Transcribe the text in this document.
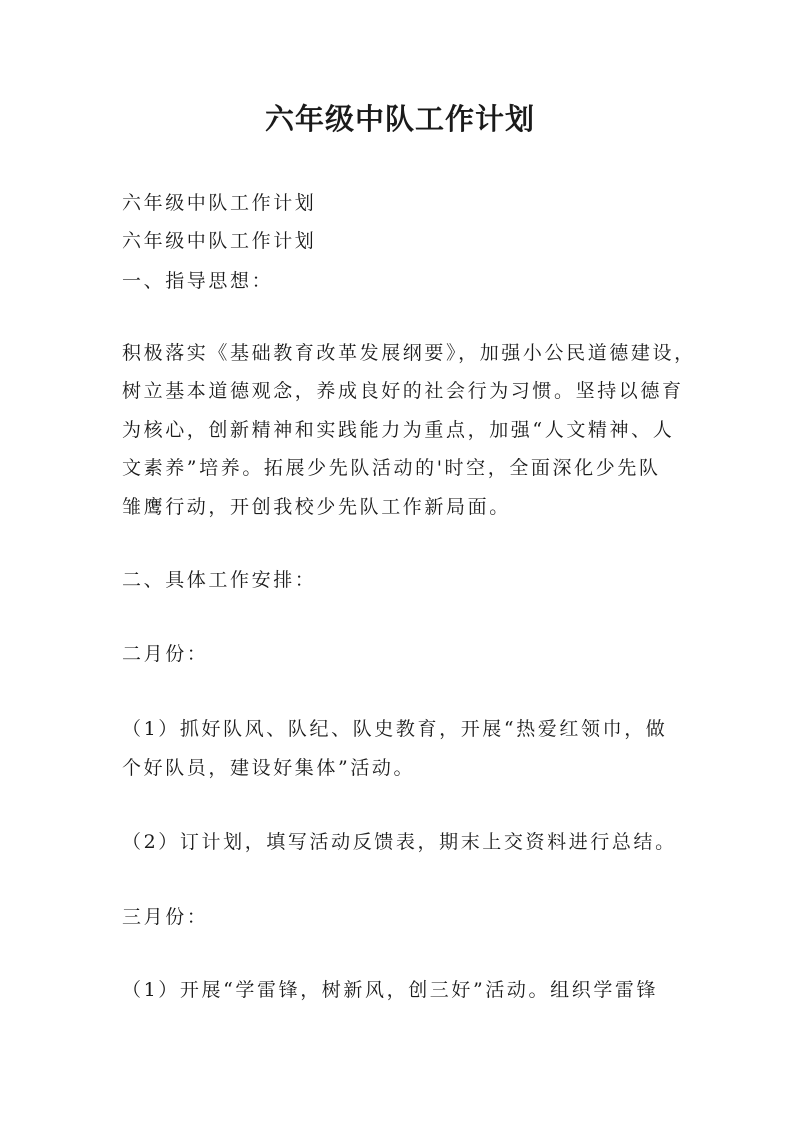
六年级中队工作计划

六年级中队工作计划

六年级中队工作计划

一、指导思想：

积极落实《基础教育改革发展纲要》，加强小公民道德建设，

树立基本道德观念，养成良好的社会行为习惯。坚持以德育

为核心，创新精神和实践能力为重点，加强“人文精神、人

文素养”培养。拓展少先队活动的'时空，全面深化少先队

雏鹰行动，开创我校少先队工作新局面。

二、具体工作安排：

二月份：

（1）抓好队风、队纪、队史教育，开展“热爱红领巾，做

个好队员，建设好集体”活动。

（2）订计划，填写活动反馈表，期末上交资料进行总结。

三月份：

（1）开展“学雷锋，树新风，创三好”活动。组织学雷锋
